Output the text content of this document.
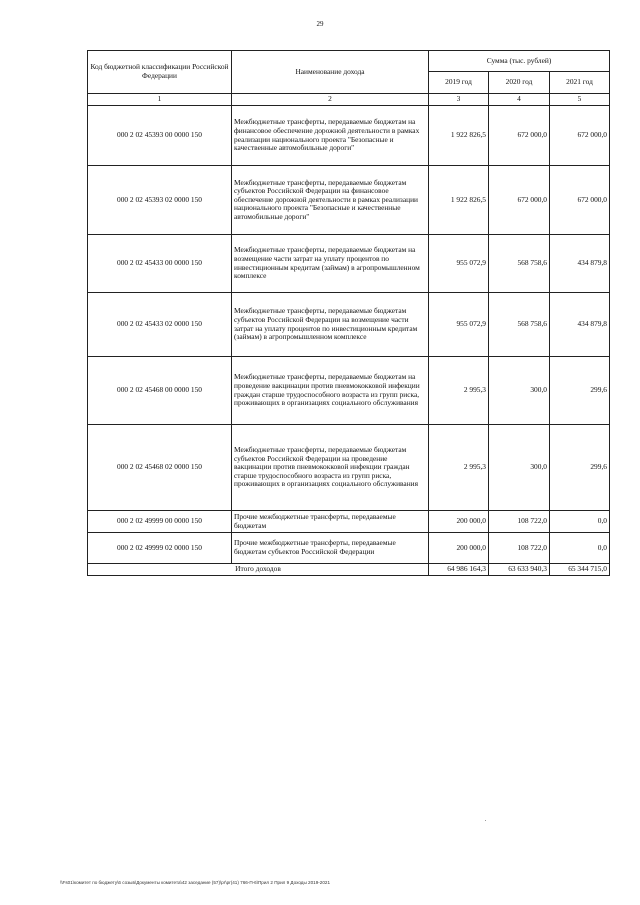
29
Код бюджетной классификации Российской Федерации	Наименование дохода	Сумма (тыс. рублей)		
		2019 год	2020 год	2021 год
1	2	3	4	5
000 2 02 45393 00 0000 150	Межбюджетные трансферты, передаваемые бюджетам на финансовое обеспечение дорожной деятельности в рамках реализации национального проекта "Безопасные и качественные автомобильные дороги"	1 922 826,5	672 000,0	672 000,0
000 2 02 45393 02 0000 150	Межбюджетные трансферты, передаваемые бюджетам субъектов Российской Федерации на финансовое обеспечение дорожной деятельности в рамках реализации национального проекта "Безопасные и качественные автомобильные дороги"	1 922 826,5	672 000,0	672 000,0
000 2 02 45433 00 0000 150	Межбюджетные трансферты, передаваемые бюджетам на возмещение части затрат на уплату процентов по инвестиционным кредитам (займам) в агропромышленном комплексе	955 072,9	568 758,6	434 879,8
000 2 02 45433 02 0000 150	Межбюджетные трансферты, передаваемые бюджетам субъектов Российской Федерации на возмещение части затрат на уплату процентов по инвестиционным кредитам (займам) в агропромышленном комплексе	955 072,9	568 758,6	434 879,8
000 2 02 45468 00 0000 150	Межбюджетные трансферты, передаваемые бюджетам на проведение вакцинации против пневмококковой инфекции граждан старше трудоспособного возраста из групп риска, проживающих в организациях социального обслуживания	2 995,3	300,0	299,6
000 2 02 45468 02 0000 150	Межбюджетные трансферты, передаваемые бюджетам субъектов Российской Федерации на проведение вакцинации против пневмококковой инфекции граждан старше трудоспособного возраста из групп риска, проживающих в организациях социального обслуживания	2 995,3	300,0	299,6
000 2 02 49999 00 0000 150	Прочие межбюджетные трансферты, передаваемые бюджетам	200 000,0	108 722,0	0,0
000 2 02 49999 02 0000 150	Прочие межбюджетные трансферты, передаваемые бюджетам субъектов Российской Федерации	200 000,0	108 722,0	0,0
Итого доходов		64 986 164,3	63 633 940,3	65 344 715,0
\\Fs01\комитет по бюджету\6 созыв\Документы комитета\42 заседание (57)\pr\pr(41) 766-П-6\Прил 2 Прил 9 Доходы 2019-2021
